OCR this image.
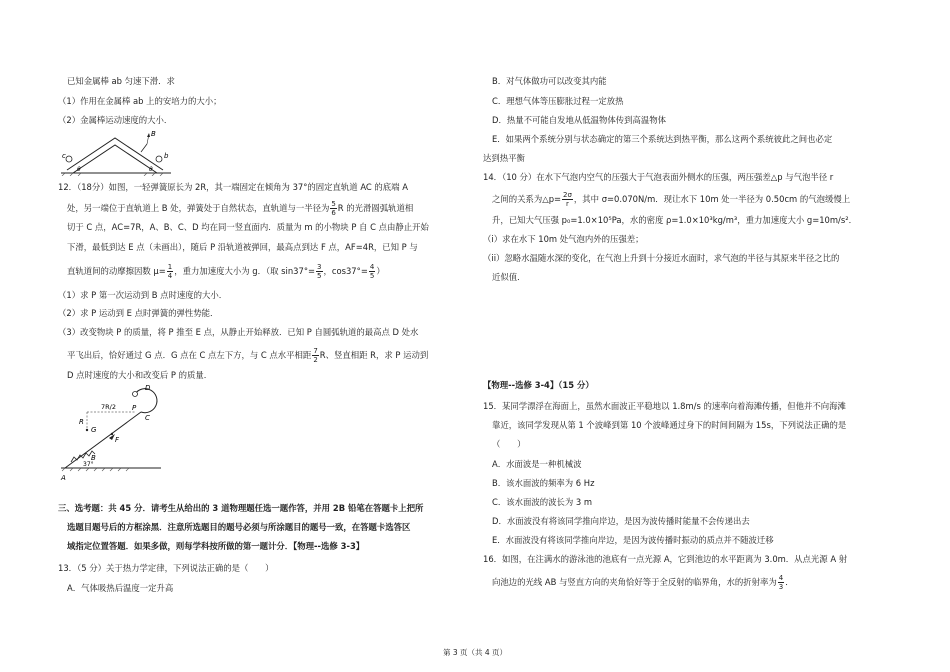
已知金属棒 ab 匀速下滑．求
（1）作用在金属棒 ab 上的安培力的大小；
（2）金属棒运动速度的大小．
B
c	b
θ	θ
12．（18分）如图，一轻弹簧原长为 2R，其一端固定在倾角为 37°的固定直轨道 AC 的底端 A
处，另一端位于直轨道上 B 处，弹簧处于自然状态，直轨道与一半径为 $\frac{5}{6}$ R 的光滑圆弧轨道相
切于 C 点，AC=7R，A、B、C、D 均在同一竖直面内．质量为 m 的小物块 P 自 C 点由静止开始
下滑，最低到达 E 点（未画出），随后 P 沿轨道被弹回，最高点到达 F 点，AF=4R，已知 P 与
直轨道间的动摩擦因数 $\mu= \frac{1}{4}$ ，重力加速度大小为 g．（取 $\sin 37^\circ= \frac{3}{5}$ ，$\cos 37^\circ= \frac{4}{5}$ ）
（1）求 P 第一次运动到 B 点时速度的大小．
（2）求 P 运动到 E 点时弹簧的弹性势能．
（3）改变物块 P 的质量，将 P 推至 E 点，从静止开始释放．已知 P 自圆弧轨道的最高点 D 处水
平飞出后，恰好通过 G 点．G 点在 C 点左下方，与 C 点水平相距 $\frac{7}{2}$ R、竖直相距 R，求 P 运动到
D 点时速度的大小和改变后 P 的质量．
D
P
C
R
G
F
B
A
7R/2
37°
三、选考题：共 45 分．请考生从给出的 3 道物理题任选一题作答，并用 2B 铅笔在答题卡上把所
选题目题号后的方框涂黑．注意所选题目的题号必须与所涂题目的题号一致，在答题卡选答区
域指定位置答题．如果多做，则每学科按所做的第一题计分．【物理--选修 3-3】
13．（5 分）关于热力学定律，下列说法正确的是（　　）
A．气体吸热后温度一定升高
B．对气体做功可以改变其内能
C．理想气体等压膨胀过程一定放热
D．热量不可能自发地从低温物体传到高温物体
E．如果两个系统分别与状态确定的第三个系统达到热平衡，那么这两个系统彼此之间也必定
达到热平衡
14．（10 分）在水下气泡内空气的压强大于气泡表面外侧水的压强，两压强差△p 与气泡半径 r
之间的关系为△p= $\frac{2\sigma}{r}$ ，其中 σ=0.070N/m．现让水下 10m 处一半径为 0.50cm 的气泡缓慢上
升，已知大气压强 p₀=1.0×10⁵Pa，水的密度 ρ=1.0×10³kg/m³，重力加速度大小 g=10m/s²．
（i）求在水下 10m 处气泡内外的压强差；
（ii）忽略水温随水深的变化，在气泡上升到十分接近水面时，求气泡的半径与其原来半径之比的
近似值．
【物理--选修 3-4】（15 分）
15．某同学漂浮在海面上，虽然水面波正平稳地以 1.8m/s 的速率向着海滩传播，但他并不向海滩
靠近，该同学发现从第 1 个波峰到第 10 个波峰通过身下的时间间隔为 15s，下列说法正确的是
（　　）
A．水面波是一种机械波
B．该水面波的频率为 6 Hz
C．该水面波的波长为 3 m
D．水面波没有将该同学推向岸边，是因为波传播时能量不会传递出去
E．水面波没有将该同学推向岸边，是因为波传播时振动的质点并不随波迁移
16．如图，在注满水的游泳池的池底有一点光源 A，它到池边的水平距离为 3.0m．从点光源 A 射
向池边的光线 AB 与竖直方向的夹角恰好等于全反射的临界角，水的折射率为 $\frac{4}{3}$ ．
第 3 页（共 4 页）
